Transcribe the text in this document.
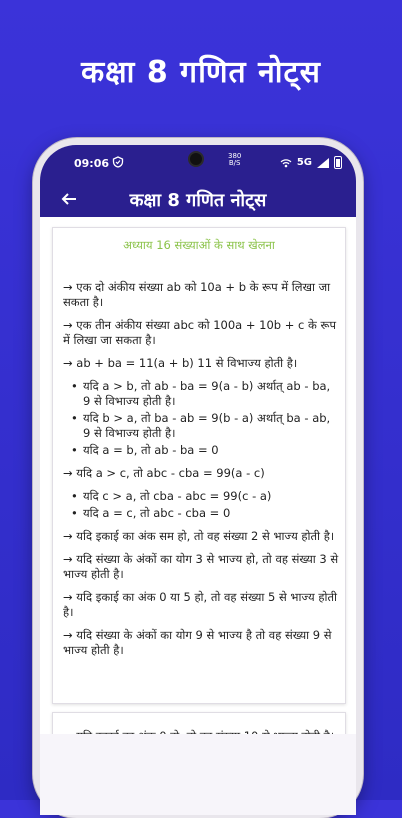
कक्षा 8 गणित नोट्स
09:06
380
B/S	5G
कक्षा 8 गणित नोट्स
अध्याय 16 संख्याओं के साथ खेलना

→ एक दो अंकीय संख्या ab को 10a + b के रूप में लिखा जा सकता है।

→ एक तीन अंकीय संख्या abc को 100a + 10b + c के रूप में लिखा जा सकता है।

→ ab + ba = 11(a + b) 11 से विभाज्य होती है।

• यदि a > b, तो ab - ba = 9(a - b) अर्थात् ab - ba, 9 से विभाज्य होती है।
• यदि b > a, तो ba - ab = 9(b - a) अर्थात् ba - ab, 9 से विभाज्य होती है।
• यदि a = b, तो ab - ba = 0

→ यदि a > c, तो abc - cba = 99(a - c)

• यदि c > a, तो cba - abc = 99(c - a)
• यदि a = c, तो abc - cba = 0

→ यदि इकाई का अंक सम हो, तो वह संख्या 2 से भाज्य होती है।

→ यदि संख्या के अंकों का योग 3 से भाज्य हो, तो वह संख्या 3 से भाज्य होती है।

→ यदि इकाई का अंक 0 या 5 हो, तो वह संख्या 5 से भाज्य होती है।

→ यदि संख्या के अंकों का योग 9 से भाज्य है तो वह संख्या 9 से भाज्य होती है।
